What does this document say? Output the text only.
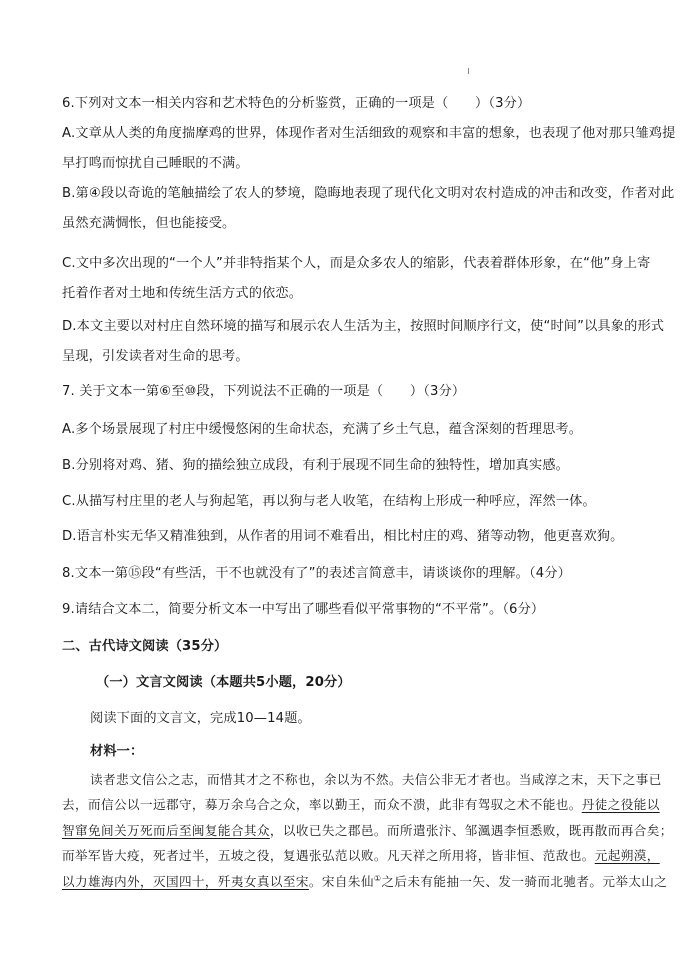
6.下列对文本一相关内容和艺术特色的分析鉴赏，正确的一项是（　　）（3分）
A.文章从人类的角度揣摩鸡的世界，体现作者对生活细致的观察和丰富的想象，也表现了他对那只雏鸡提
早打鸣而惊扰自己睡眠的不满。
B.第④段以奇诡的笔触描绘了农人的梦境，隐晦地表现了现代化文明对农村造成的冲击和改变，作者对此
虽然充满惆怅，但也能接受。
C.文中多次出现的“一个人”并非特指某个人，而是众多农人的缩影，代表着群体形象，在“他”身上寄
托着作者对土地和传统生活方式的依恋。
D.本文主要以对村庄自然环境的描写和展示农人生活为主，按照时间顺序行文，使“时间”以具象的形式
呈现，引发读者对生命的思考。
7. 关于文本一第⑥至⑩段，下列说法不正确的一项是（　　）（3分）
A.多个场景展现了村庄中缓慢悠闲的生命状态，充满了乡土气息，蕴含深刻的哲理思考。
B.分别将对鸡、猪、狗的描绘独立成段，有利于展现不同生命的独特性，增加真实感。
C.从描写村庄里的老人与狗起笔，再以狗与老人收笔，在结构上形成一种呼应，浑然一体。
D.语言朴实无华又精准独到，从作者的用词不难看出，相比村庄的鸡、猪等动物，他更喜欢狗。
8.文本一第⑮段“有些活，干不也就没有了”的表述言简意丰，请谈谈你的理解。（4分）
9.请结合文本二，简要分析文本一中写出了哪些看似平常事物的“不平常”。（6分）
二、古代诗文阅读（35分）
（一）文言文阅读（本题共5小题，20分）
阅读下面的文言文，完成10—14题。
材料一：
读者悲文信公之志，而惜其才之不称也，余以为不然。夫信公非无才者也。当咸淳之末，天下之事已
去，而信公以一远郡守，募万余乌合之众，率以勤王，而众不溃，此非有驾驭之术不能也。丹徒之役能以
智窜免间关万死而后至闽复能合其众，以收已失之郡邑。而所遣张汴、邹渢遇李恒悉败，既再散而再合矣；
而举军皆大疫，死者过半，五坡之役，复遇张弘范以败。凡天祥之所用将，皆非恒、范敌也。元起朔漠，
以力雄海内外，灭国四十，歼夷女真以至宋。宋自朱仙①之后未有能抽一矢、发一骑而北驰者。元举太山之
